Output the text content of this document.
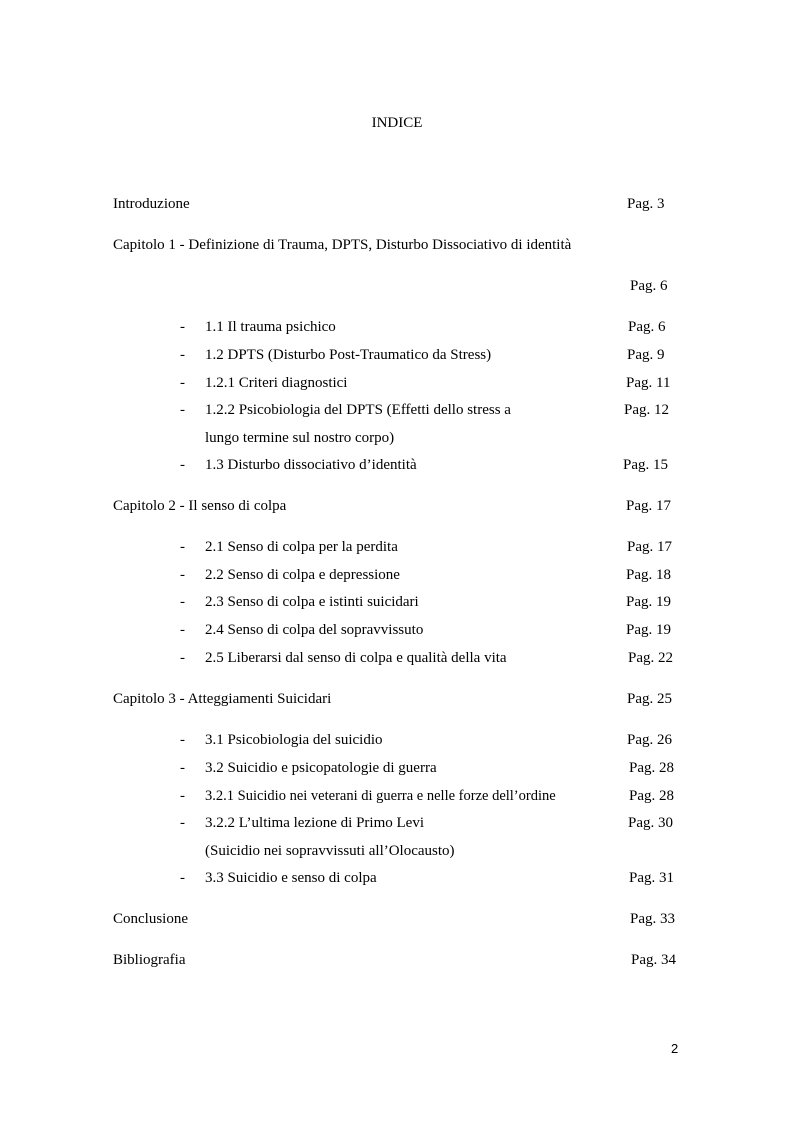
INDICE
Introduzione	Pag. 3
Capitolo 1 - Definizione di Trauma, DPTS, Disturbo Dissociativo di identità
Pag. 6
- 1.1 Il trauma psichico	Pag. 6
- 1.2 DPTS (Disturbo Post-Traumatico da Stress)	Pag. 9
- 1.2.1 Criteri diagnostici	Pag. 11
- 1.2.2 Psicobiologia del DPTS (Effetti dello stress a	Pag. 12
lungo termine sul nostro corpo)
- 1.3 Disturbo dissociativo d’identità	Pag. 15
Capitolo 2 - Il senso di colpa	Pag. 17
- 2.1 Senso di colpa per la perdita	Pag. 17
- 2.2 Senso di colpa e depressione	Pag. 18
- 2.3 Senso di colpa e istinti suicidari	Pag. 19
- 2.4 Senso di colpa del sopravvissuto	Pag. 19
- 2.5 Liberarsi dal senso di colpa e qualità della vita	Pag. 22
Capitolo 3 - Atteggiamenti Suicidari	Pag. 25
- 3.1 Psicobiologia del suicidio	Pag. 26
- 3.2 Suicidio e psicopatologie di guerra	Pag. 28
- 3.2.1 Suicidio nei veterani di guerra e nelle forze dell’ordine	Pag. 28
- 3.2.2 L’ultima lezione di Primo Levi	Pag. 30
(Suicidio nei sopravvissuti all’Olocausto)
- 3.3 Suicidio e senso di colpa	Pag. 31
Conclusione	Pag. 33
Bibliografia	Pag. 34
2
